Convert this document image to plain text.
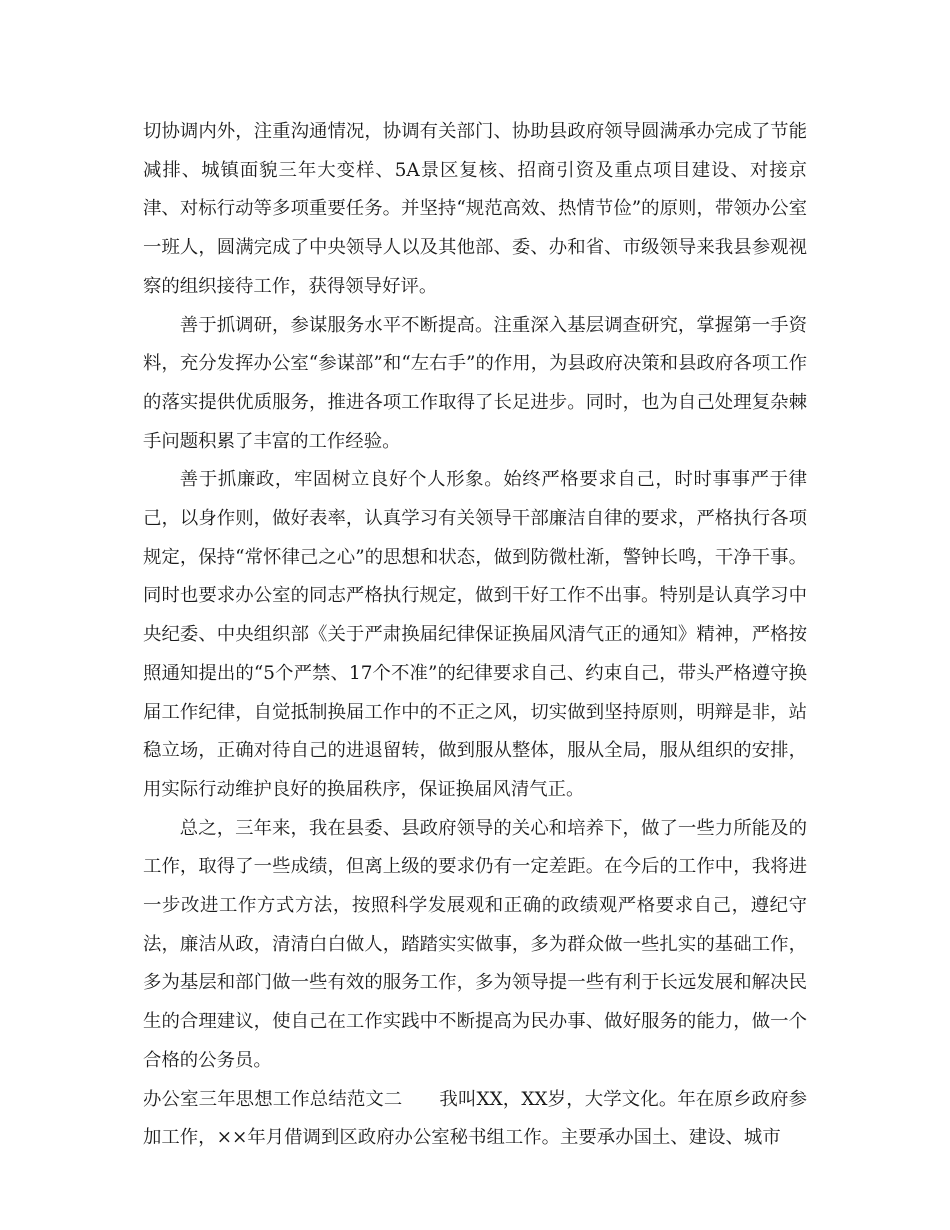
切协调内外，注重沟通情况，协调有关部门、协助县政府领导圆满承办完成了节能减排、城镇面貌三年大变样、5A景区复核、招商引资及重点项目建设、对接京津、对标行动等多项重要任务。并坚持“规范高效、热情节俭”的原则，带领办公室一班人，圆满完成了中央领导人以及其他部、委、办和省、市级领导来我县参观视察的组织接待工作，获得领导好评。

善于抓调研，参谋服务水平不断提高。注重深入基层调查研究，掌握第一手资料，充分发挥办公室“参谋部”和“左右手”的作用，为县政府决策和县政府各项工作的落实提供优质服务，推进各项工作取得了长足进步。同时，也为自己处理复杂棘手问题积累了丰富的工作经验。

善于抓廉政，牢固树立良好个人形象。始终严格要求自己，时时事事严于律己，以身作则，做好表率，认真学习有关领导干部廉洁自律的要求，严格执行各项规定，保持“常怀律己之心”的思想和状态，做到防微杜渐，警钟长鸣，干净干事。同时也要求办公室的同志严格执行规定，做到干好工作不出事。特别是认真学习中央纪委、中央组织部《关于严肃换届纪律保证换届风清气正的通知》精神，严格按照通知提出的“5个严禁、17个不准”的纪律要求自己、约束自己，带头严格遵守换届工作纪律，自觉抵制换届工作中的不正之风，切实做到坚持原则，明辩是非，站稳立场，正确对待自己的进退留转，做到服从整体，服从全局，服从组织的安排，用实际行动维护良好的换届秩序，保证换届风清气正。

总之，三年来，我在县委、县政府领导的关心和培养下，做了一些力所能及的工作，取得了一些成绩，但离上级的要求仍有一定差距。在今后的工作中，我将进一步改进工作方式方法，按照科学发展观和正确的政绩观严格要求自己，遵纪守法，廉洁从政，清清白白做人，踏踏实实做事，多为群众做一些扎实的基础工作，多为基层和部门做一些有效的服务工作，多为领导提一些有利于长远发展和解决民生的合理建议，使自己在工作实践中不断提高为民办事、做好服务的能力，做一个合格的公务员。

办公室三年思想工作总结范文二 我叫XX，XX岁，大学文化。年在原乡政府参加工作，××年月借调到区政府办公室秘书组工作。主要承办国土、建设、城市
